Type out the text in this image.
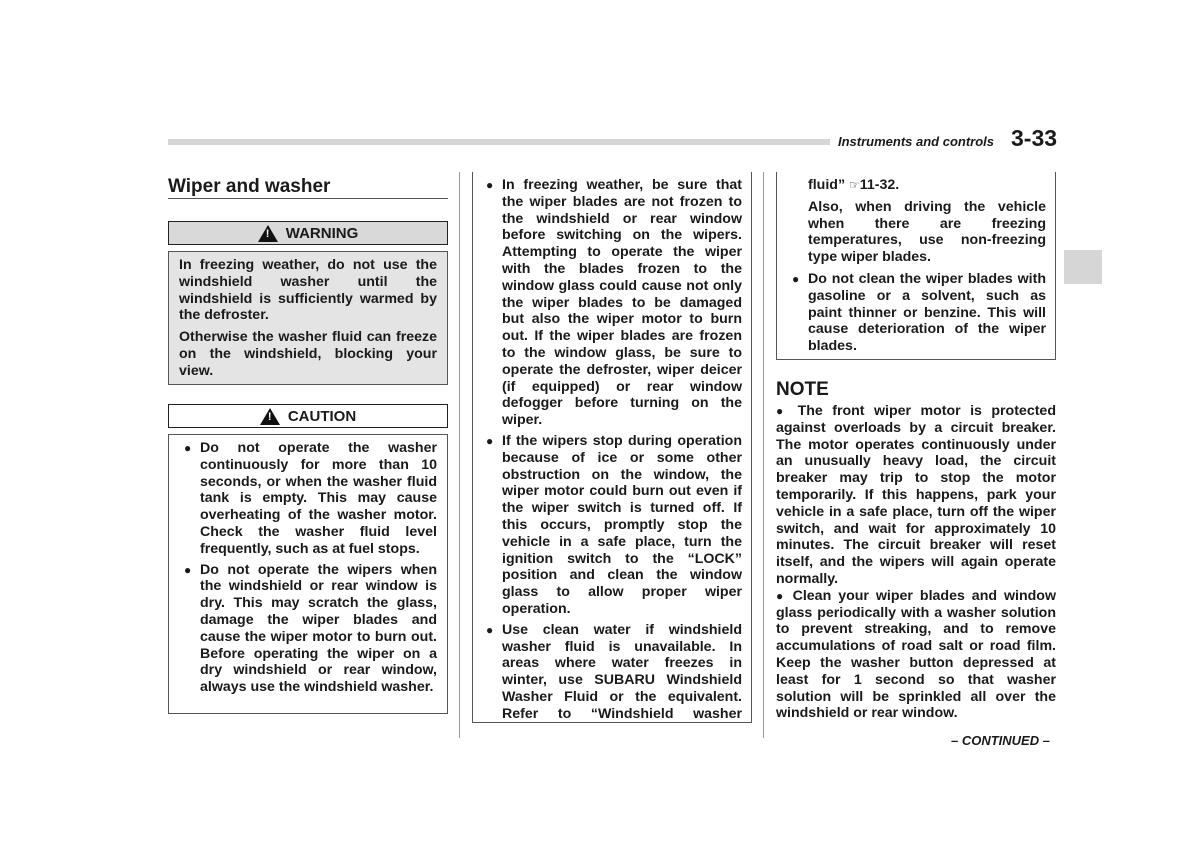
Instruments and controls 3-33
Wiper and washer
! WARNING

In freezing weather, do not use the windshield washer until the windshield is sufficiently warmed by the defroster.

Otherwise the washer fluid can freeze on the windshield, blocking your view.

! CAUTION
● Do not operate the washer continuously for more than 10 seconds, or when the washer fluid tank is empty. This may cause overheating of the washer motor. Check the washer fluid level frequently, such as at fuel stops.

● Do not operate the wipers when the windshield or rear window is dry. This may scratch the glass, damage the wiper blades and cause the wiper motor to burn out. Before operating the wiper on a dry windshield or rear window, always use the windshield washer.

● In freezing weather, be sure that the wiper blades are not frozen to the windshield or rear window before switching on the wipers. Attempting to operate the wiper with the blades frozen to the window glass could cause not only the wiper blades to be damaged but also the wiper motor to burn out. If the wiper blades are frozen to the window glass, be sure to operate the defroster, wiper deicer (if equipped) or rear window defogger before turning on the wiper.

● If the wipers stop during operation because of ice or some other obstruction on the window, the wiper motor could burn out even if the wiper switch is turned off. If this occurs, promptly stop the vehicle in a safe place, turn the ignition switch to the “LOCK” position and clean the window glass to allow proper wiper operation.

● Use clean water if windshield washer fluid is unavailable. In areas where water freezes in winter, use SUBARU Windshield Washer Fluid or the equivalent. Refer to “Windshield washer

fluid” ☞11-32.

Also, when driving the vehicle when there are freezing temperatures, use non-freezing type wiper blades.

● Do not clean the wiper blades with gasoline or a solvent, such as paint thinner or benzine. This will cause deterioration of the wiper blades.

NOTE

● The front wiper motor is protected against overloads by a circuit breaker. The motor operates continuously under an unusually heavy load, the circuit breaker may trip to stop the motor temporarily. If this happens, park your vehicle in a safe place, turn off the wiper switch, and wait for approximately 10 minutes. The circuit breaker will reset itself, and the wipers will again operate normally.

● Clean your wiper blades and window glass periodically with a washer solution to prevent streaking, and to remove accumulations of road salt or road film. Keep the washer button depressed at least for 1 second so that washer solution will be sprinkled all over the windshield or rear window.

– CONTINUED –
